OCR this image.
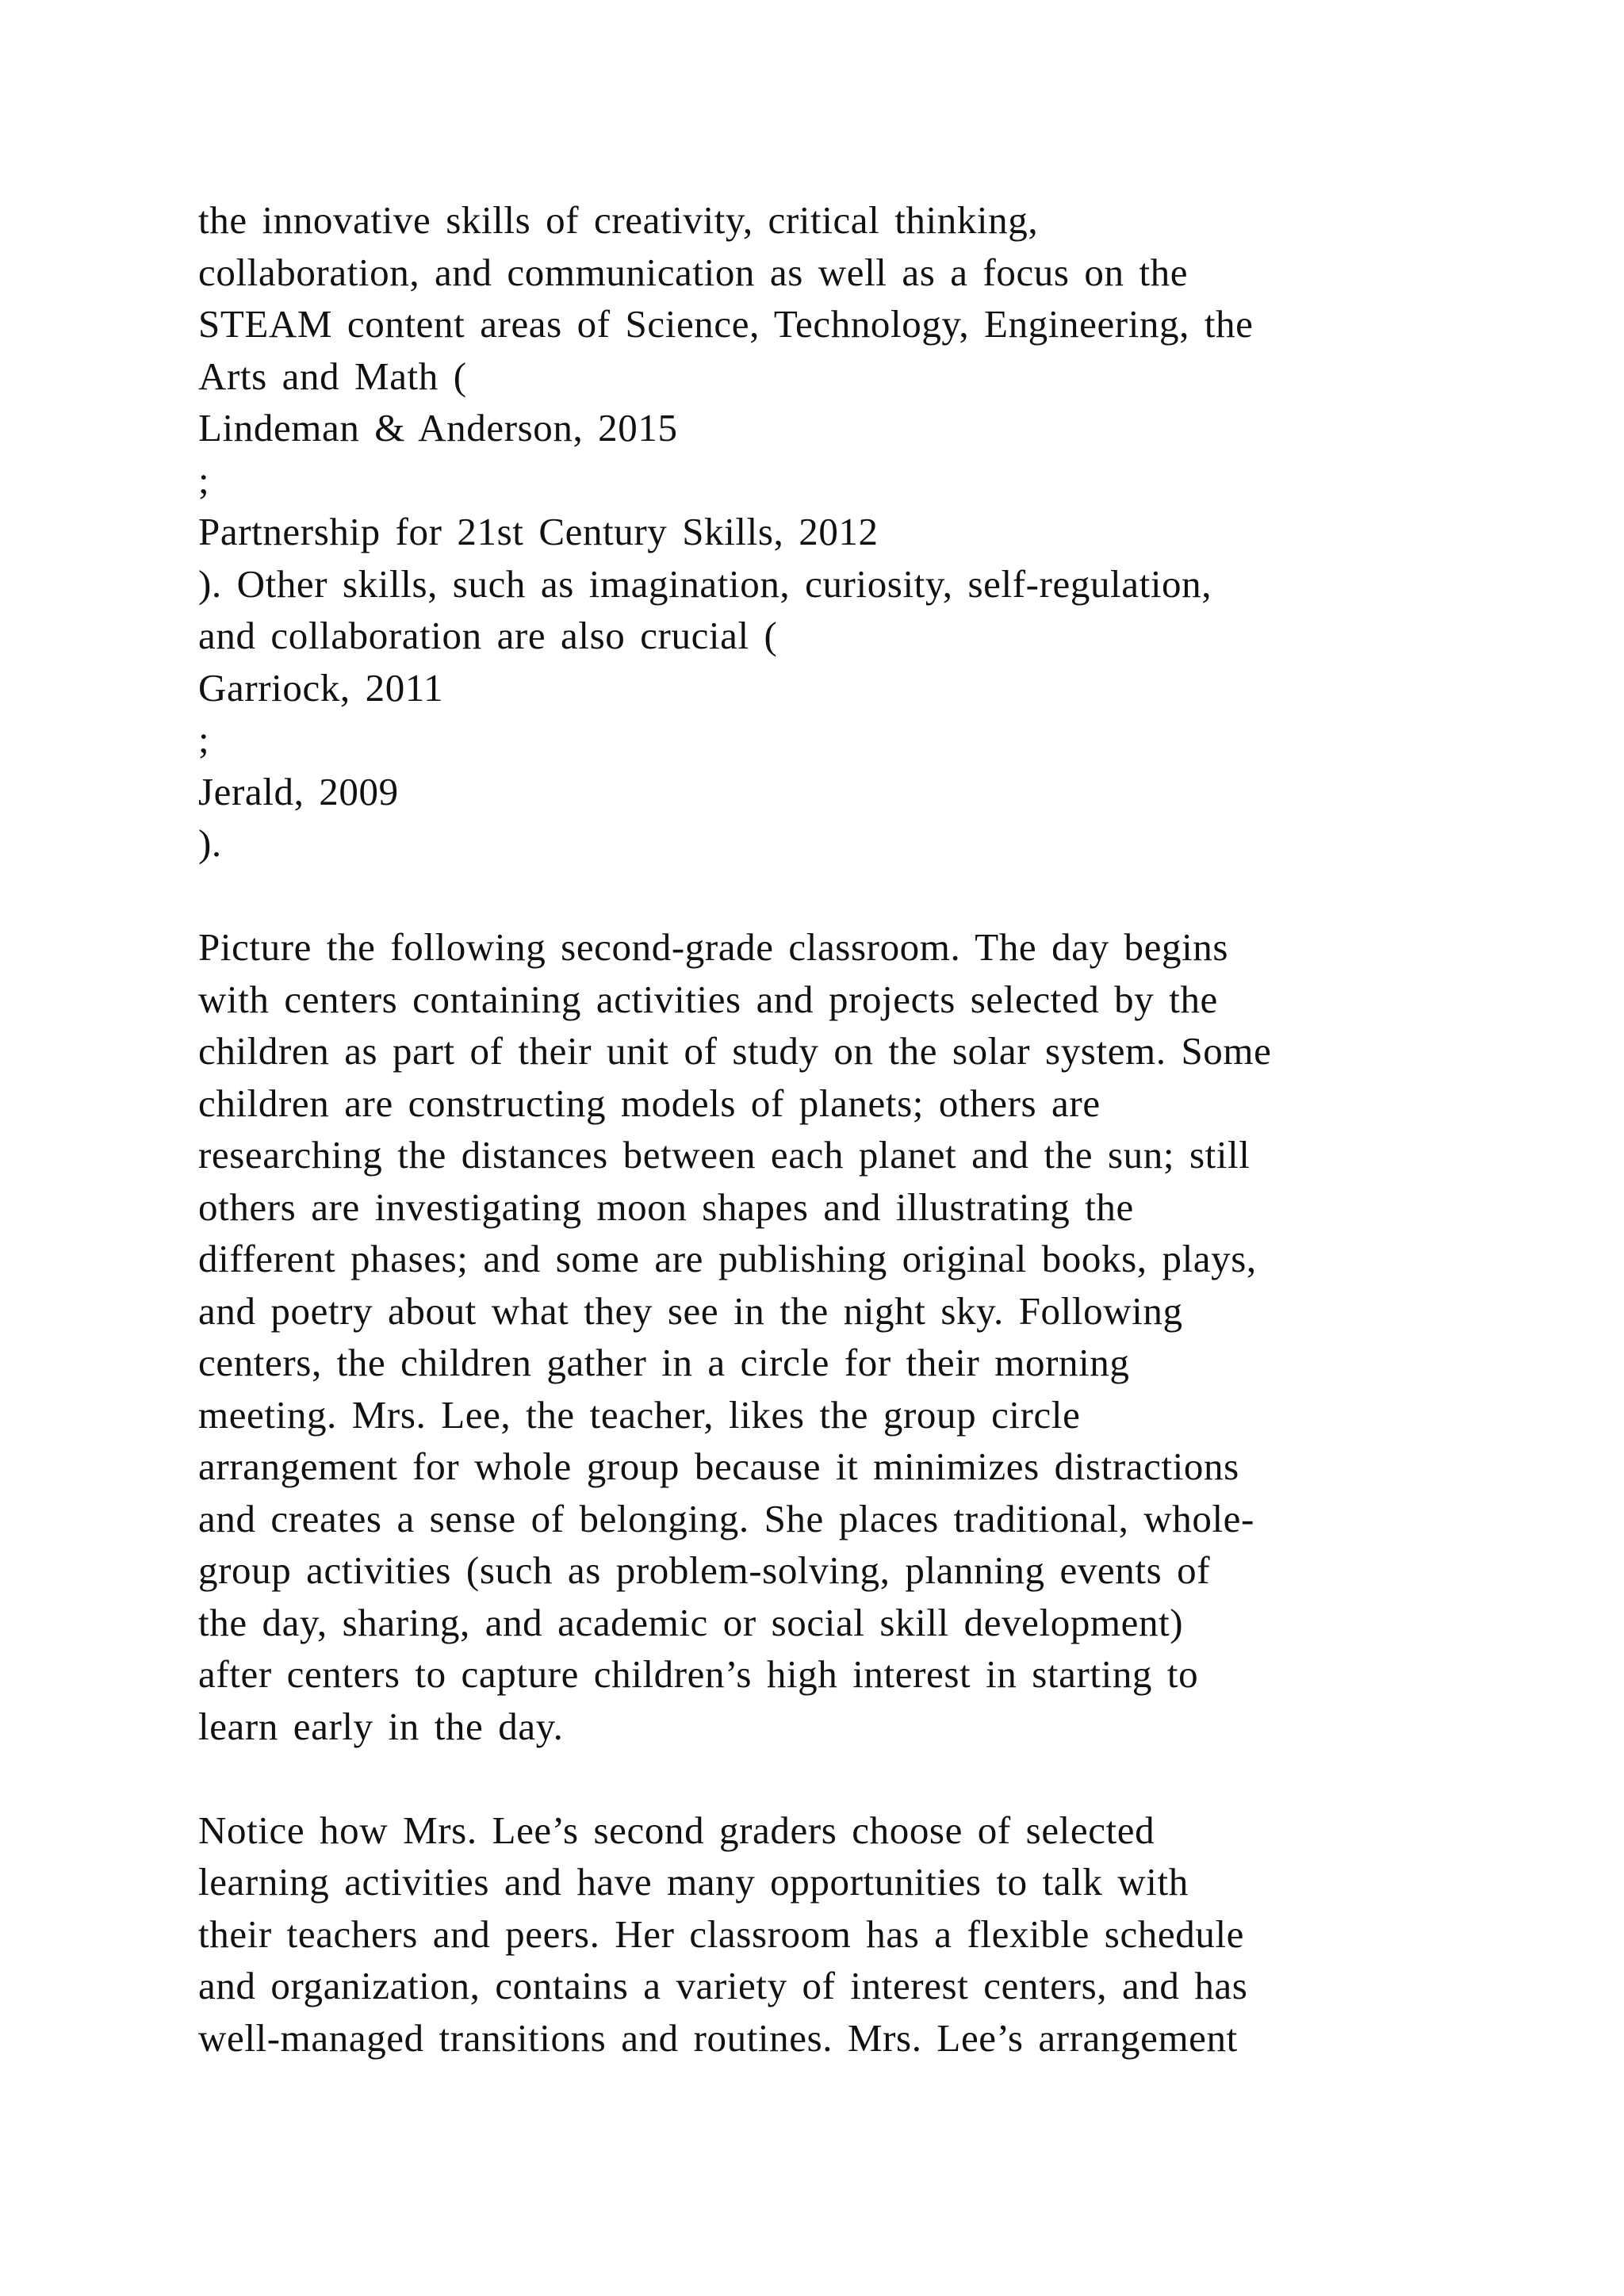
the innovative skills of creativity, critical thinking,
collaboration, and communication as well as a focus on the
STEAM content areas of Science, Technology, Engineering, the
Arts and Math (
Lindeman & Anderson, 2015
;
Partnership for 21st Century Skills, 2012
). Other skills, such as imagination, curiosity, self-regulation,
and collaboration are also crucial (
Garriock, 2011
;
Jerald, 2009
).
Picture the following second-grade classroom. The day begins
with centers containing activities and projects selected by the
children as part of their unit of study on the solar system. Some
children are constructing models of planets; others are
researching the distances between each planet and the sun; still
others are investigating moon shapes and illustrating the
different phases; and some are publishing original books, plays,
and poetry about what they see in the night sky. Following
centers, the children gather in a circle for their morning
meeting. Mrs. Lee, the teacher, likes the group circle
arrangement for whole group because it minimizes distractions
and creates a sense of belonging. She places traditional, whole-
group activities (such as problem-solving, planning events of
the day, sharing, and academic or social skill development)
after centers to capture children’s high interest in starting to
learn early in the day.
Notice how Mrs. Lee’s second graders choose of selected
learning activities and have many opportunities to talk with
their teachers and peers. Her classroom has a flexible schedule
and organization, contains a variety of interest centers, and has
well-managed transitions and routines. Mrs. Lee’s arrangement
